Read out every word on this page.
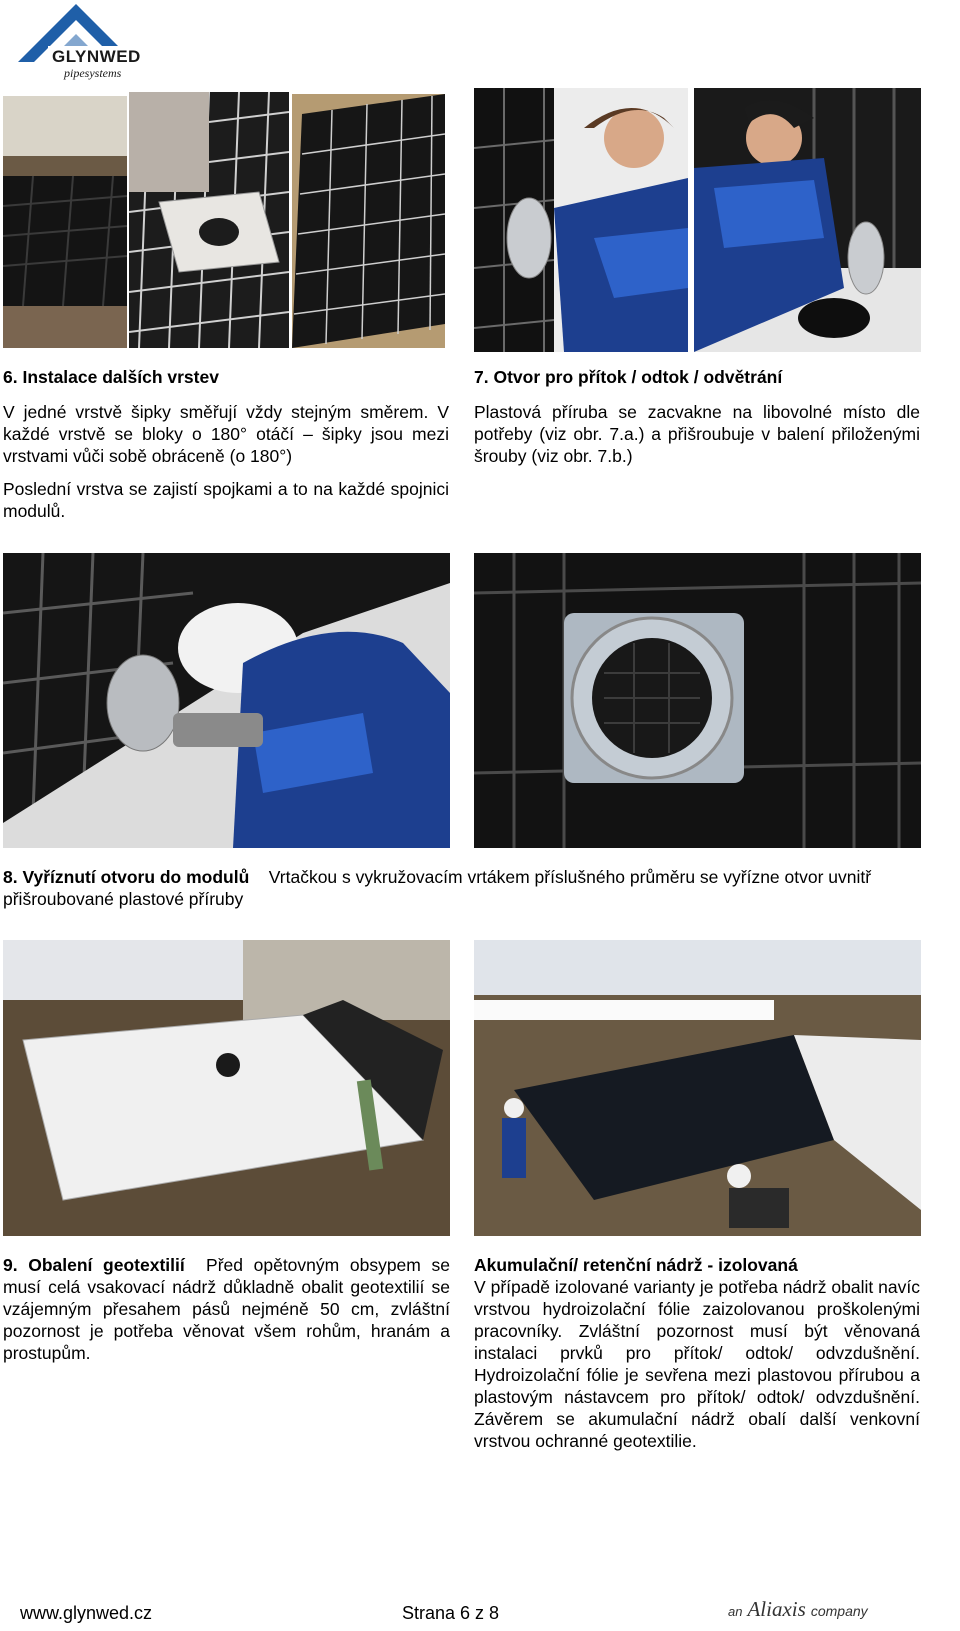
GLYNWED
pipesystems
6. Instalace dalších vrstev
V jedné vrstvě šipky směřují vždy stejným směrem. V každé vrstvě se bloky o 180° otáčí – šipky jsou mezi vrstvami vůči sobě obráceně (o 180°)
Poslední vrstva se zajistí spojkami a to na každé spojnici modulů.
7. Otvor pro přítok / odtok / odvětrání
Plastová příruba se zacvakne na libovolné místo dle potřeby (viz obr. 7.a.) a přišroubuje v balení přiloženými šrouby (viz obr. 7.b.)
8. Vyříznutí otvoru do modulů Vrtačkou s vykružovacím vrtákem příslušného průměru se vyřízne otvor uvnitř přišroubované plastové příruby
9. Obalení geotextilií Před opětovným obsypem se musí celá vsakovací nádrž důkladně obalit geotextilií se vzájemným přesahem pásů nejméně 50 cm, zvláštní pozornost je potřeba věnovat všem rohům, hranám a prostupům.
Akumulační/ retenční nádrž - izolovaná
V případě izolované varianty je potřeba nádrž obalit navíc vrstvou hydroizolační fólie zaizolovanou proškolenými pracovníky. Zvláštní pozornost musí být věnovaná instalaci prvků pro přítok/ odtok/ odvzdušnění. Hydroizolační fólie je sevřena mezi plastovou přírubou a plastovým nástavcem pro přítok/ odtok/ odvzdušnění. Závěrem se akumulační nádrž obalí další venkovní vrstvou ochranné geotextilie.
www.glynwed.cz	Strana 6 z 8	an Aliaxis company
